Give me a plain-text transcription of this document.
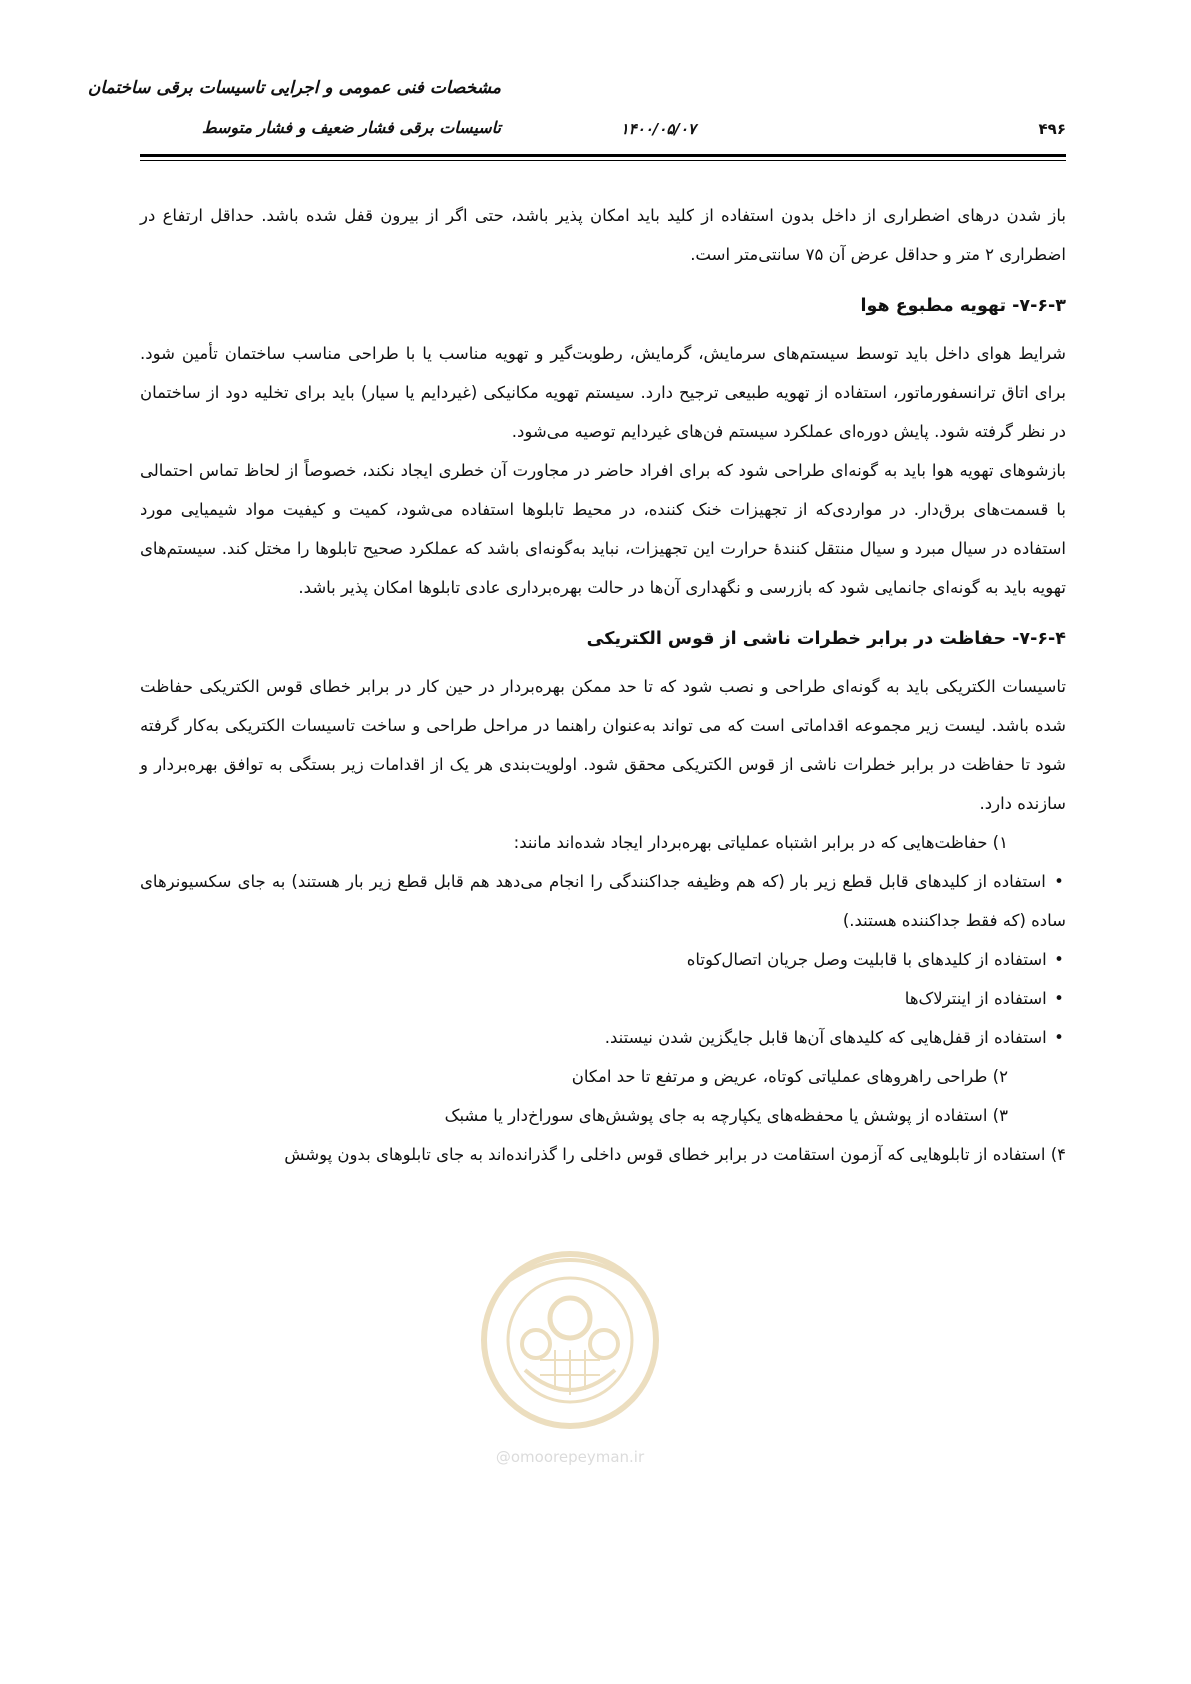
مشخصات فنی عمومی و اجرایی تاسیسات برقی ساختمان
تاسیسات برقی فشار ضعیف و فشار متوسط	۱۴۰۰/۰۵/۰۷	۴۹۶

باز شدن درهای اضطراری از داخل بدون استفاده از کلید باید امکان پذیر باشد، حتی اگر از بیرون قفل شده باشد. حداقل ارتفاع در اضطراری ۲ متر و حداقل عرض آن ۷۵ سانتی‌متر است.

۷-۶-۳- تهویه مطبوع هوا

شرایط هوای داخل باید توسط سیستم‌های سرمایش، گرمایش، رطوبت‌گیر و تهویه مناسب یا با طراحی مناسب ساختمان تأمین شود. برای اتاق ترانسفورماتور، استفاده از تهویه طبیعی ترجیح دارد. سیستم تهویه مکانیکی (غیردایم یا سیار) باید برای تخلیه دود از ساختمان در نظر گرفته شود. پایش دوره‌ای عملکرد سیستم فن‌های غیردایم توصیه می‌شود.

بازشوهای تهویه هوا باید به گونه‌ای طراحی شود که برای افراد حاضر در مجاورت آن خطری ایجاد نکند، خصوصاً از لحاظ تماس احتمالی با قسمت‌های برق‌دار. در مواردی‌که از تجهیزات خنک کننده، در محیط تابلوها استفاده می‌شود، کمیت و کیفیت مواد شیمیایی مورد استفاده در سیال مبرد و سیال منتقل کنندۀ حرارت این تجهیزات، نباید به‌گونه‌ای باشد که عملکرد صحیح تابلوها را مختل کند. سیستم‌های تهویه باید به گونه‌ای جانمایی شود که بازرسی و نگهداری آن‌ها در حالت بهره‌برداری عادی تابلوها امکان پذیر باشد.

۷-۶-۴- حفاظت در برابر خطرات ناشی از قوس الکتریکی

تاسیسات الکتریکی باید به گونه‌ای طراحی و نصب شود که تا حد ممکن بهره‌بردار در حین کار در برابر خطای قوس الکتریکی حفاظت شده باشد. لیست زیر مجموعه اقداماتی است که می تواند به‌عنوان راهنما در مراحل طراحی و ساخت تاسیسات الکتریکی به‌کار گرفته شود تا حفاظت در برابر خطرات ناشی از قوس الکتریکی محقق شود. اولویت‌بندی هر یک از اقدامات زیر بستگی به توافق بهره‌بردار و سازنده دارد.

۱) حفاظت‌هایی که در برابر اشتباه عملیاتی بهره‌بردار ایجاد شده‌اند مانند:

• استفاده از کلیدهای قابل قطع زیر بار (که هم وظیفه جداکنندگی را انجام می‌دهد هم قابل قطع زیر بار هستند) به جای سکسیونرهای ساده (که فقط جداکننده هستند.)
• استفاده از کلیدهای با قابلیت وصل جریان اتصال‌کوتاه
• استفاده از اینترلاک‌ها
• استفاده از قفل‌هایی که کلیدهای آن‌ها قابل جایگزین شدن نیستند.

۲) طراحی راهروهای عملیاتی کوتاه، عریض و مرتفع تا حد امکان

۳) استفاده از پوشش یا محفظه‌های یکپارچه به جای پوشش‌های سوراخ‌دار یا مشبک

۴) استفاده از تابلوهایی که آزمون استقامت در برابر خطای قوس داخلی را گذرانده‌اند به جای تابلوهای بدون پوشش

@omoorepeyman.ir
